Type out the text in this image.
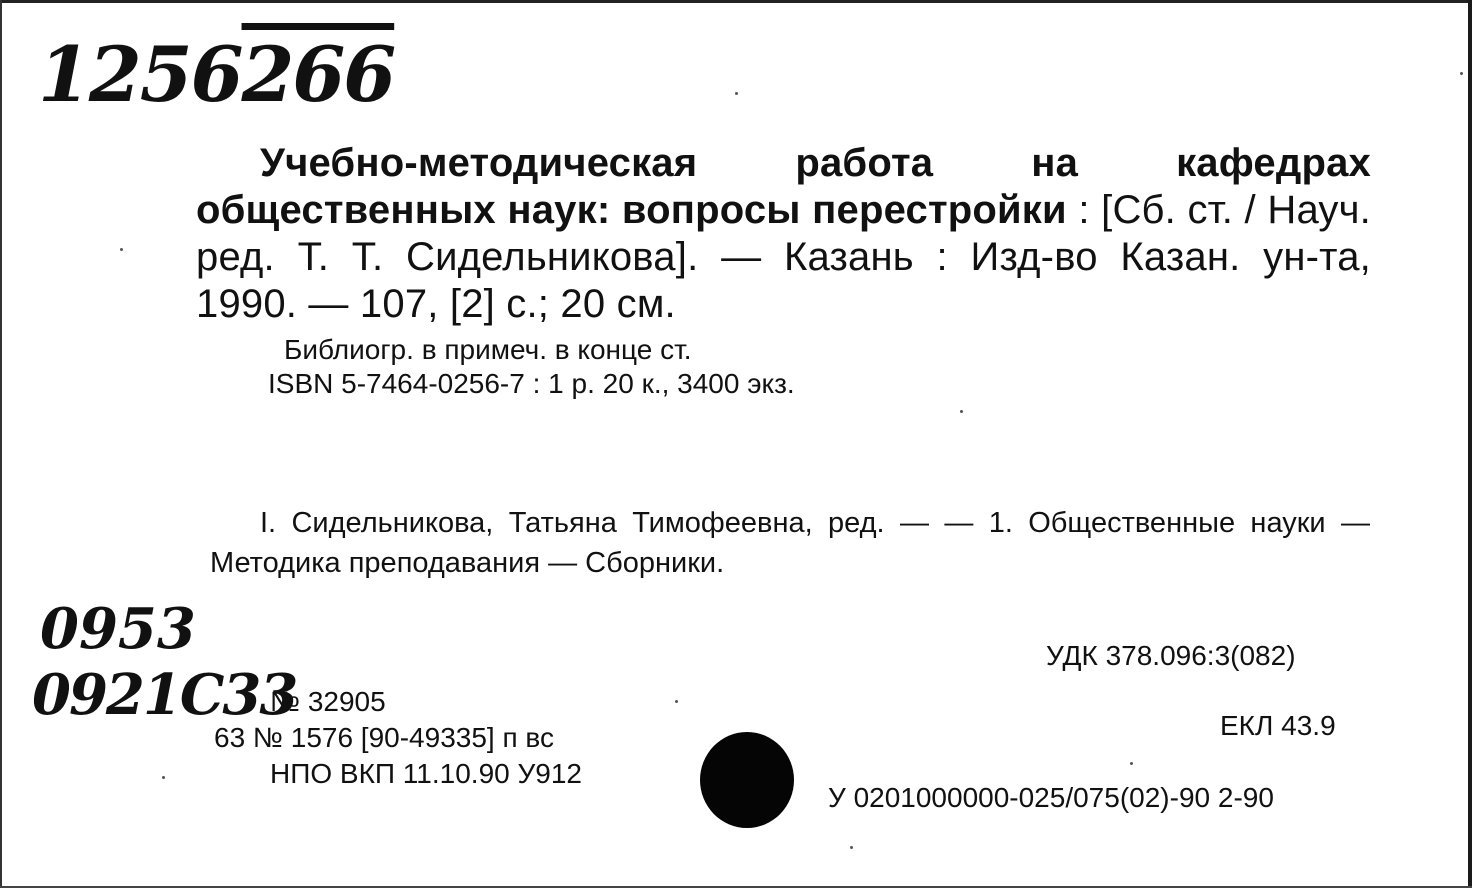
1256266
Учебно-методическая работа на кафедрах общественных наук: вопросы перестройки : [Сб. ст. / Науч. ред. Т. Т. Сидельникова]. — Казань : Изд-во Казан. ун-та, 1990. — 107, [2] с.; 20 см.
Библиогр. в примеч. в конце ст.
ISBN 5-7464-0256-7 : 1 р. 20 к., 3400 экз.
I. Сидельникова, Татьяна Тимофеевна, ред. — — 1. Общественные науки — Методика преподавания — Сборники.
0953
0921C33
№ 32905
63 № 1576 [90-49335] п вс
НПО ВКП 11.10.90 У912
УДК 378.096:3(082)
ЕКЛ 43.9
У 0201000000-025/075(02)-90 2-90
